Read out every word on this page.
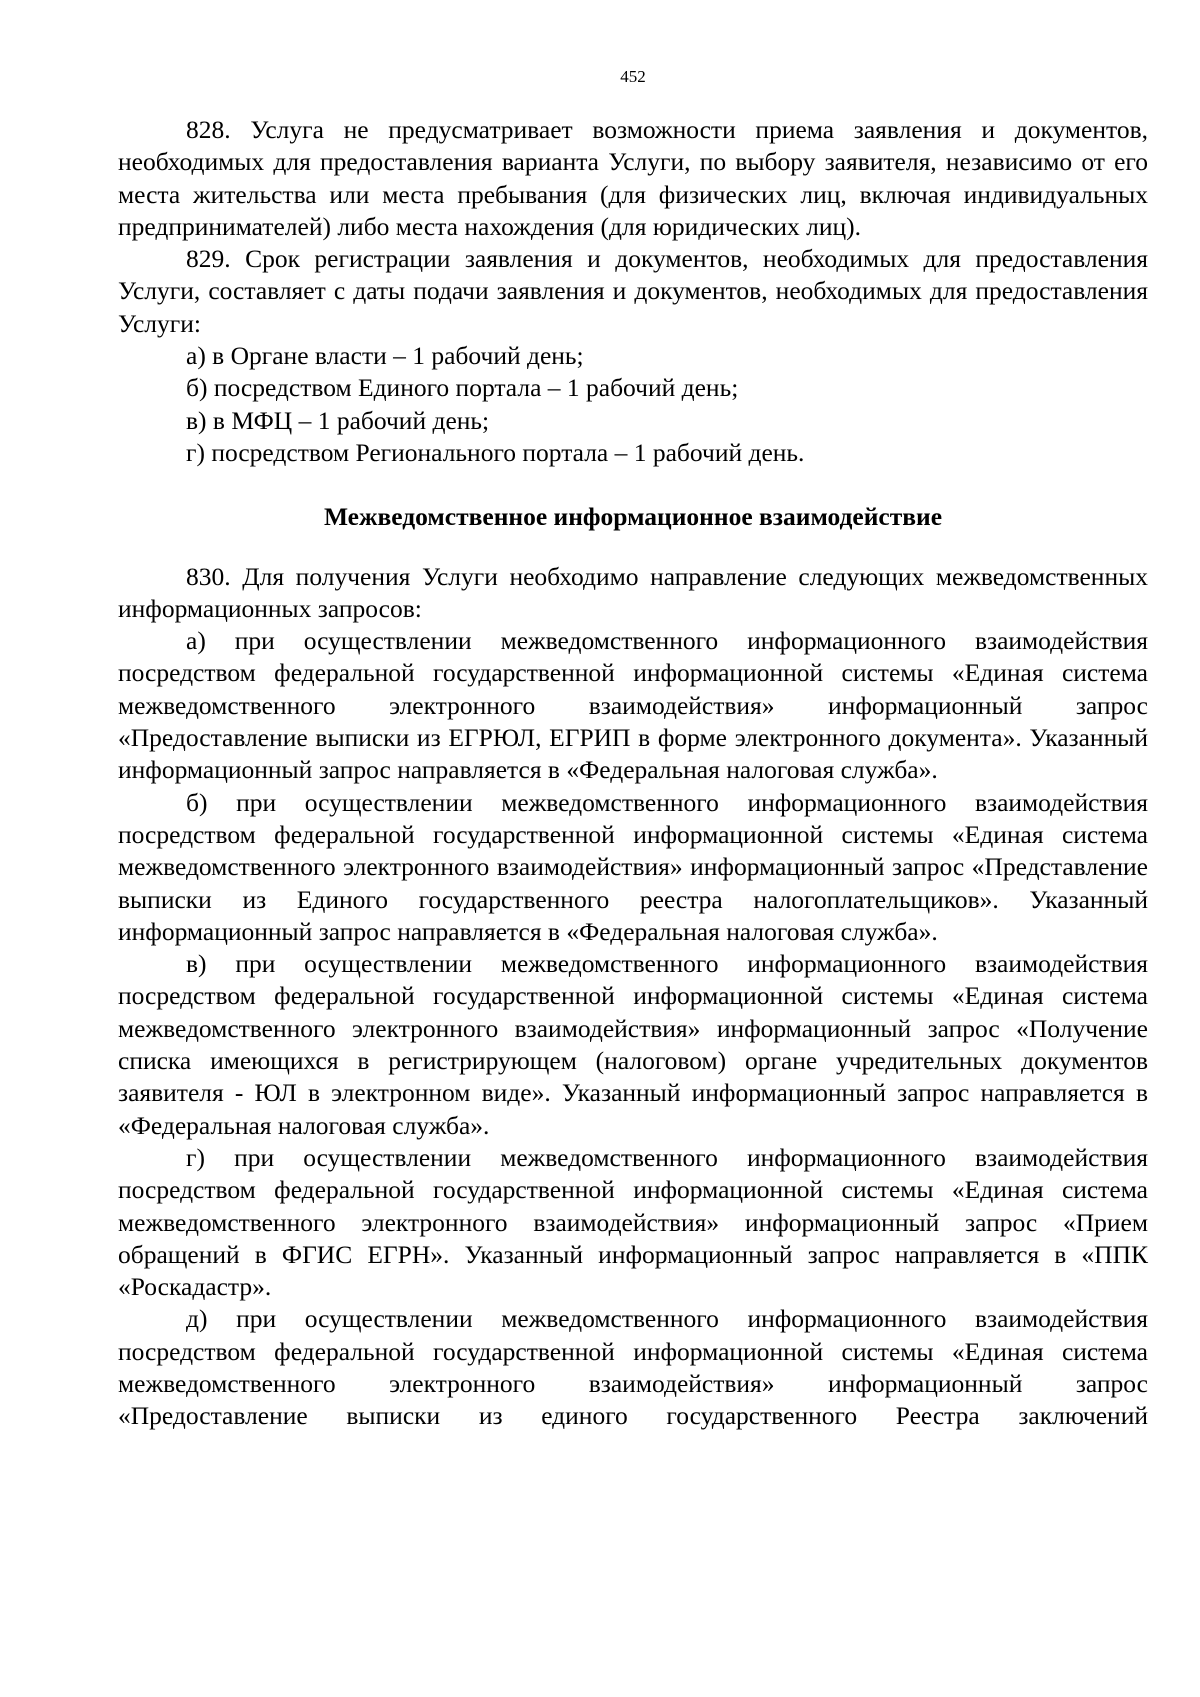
452

828. Услуга не предусматривает возможности приема заявления и документов, необходимых для предоставления варианта Услуги, по выбору заявителя, независимо от его места жительства или места пребывания (для физических лиц, включая индивидуальных предпринимателей) либо места нахождения (для юридических лиц).

829. Срок регистрации заявления и документов, необходимых для предоставления Услуги, составляет с даты подачи заявления и документов, необходимых для предоставления Услуги:

а) в Органе власти – 1 рабочий день;

б) посредством Единого портала – 1 рабочий день;

в) в МФЦ – 1 рабочий день;

г) посредством Регионального портала – 1 рабочий день.

Межведомственное информационное взаимодействие

830. Для получения Услуги необходимо направление следующих межведомственных информационных запросов:

а) при осуществлении межведомственного информационного взаимодействия посредством федеральной государственной информационной системы «Единая система межведомственного электронного взаимодействия» информационный запрос «Предоставление выписки из ЕГРЮЛ, ЕГРИП в форме электронного документа». Указанный информационный запрос направляется в «Федеральная налоговая служба».

б) при осуществлении межведомственного информационного взаимодействия посредством федеральной государственной информационной системы «Единая система межведомственного электронного взаимодействия» информационный запрос «Представление выписки из Единого государственного реестра налогоплательщиков». Указанный информационный запрос направляется в «Федеральная налоговая служба».

в) при осуществлении межведомственного информационного взаимодействия посредством федеральной государственной информационной системы «Единая система межведомственного электронного взаимодействия» информационный запрос «Получение списка имеющихся в регистрирующем (налоговом) органе учредительных документов заявителя - ЮЛ в электронном виде». Указанный информационный запрос направляется в «Федеральная налоговая служба».

г) при осуществлении межведомственного информационного взаимодействия посредством федеральной государственной информационной системы «Единая система межведомственного электронного взаимодействия» информационный запрос «Прием обращений в ФГИС ЕГРН». Указанный информационный запрос направляется в «ППК «Роскадастр».

д) при осуществлении межведомственного информационного взаимодействия посредством федеральной государственной информационной системы «Единая система межведомственного электронного взаимодействия» информационный запрос «Предоставление выписки из единого государственного Реестра заключений
